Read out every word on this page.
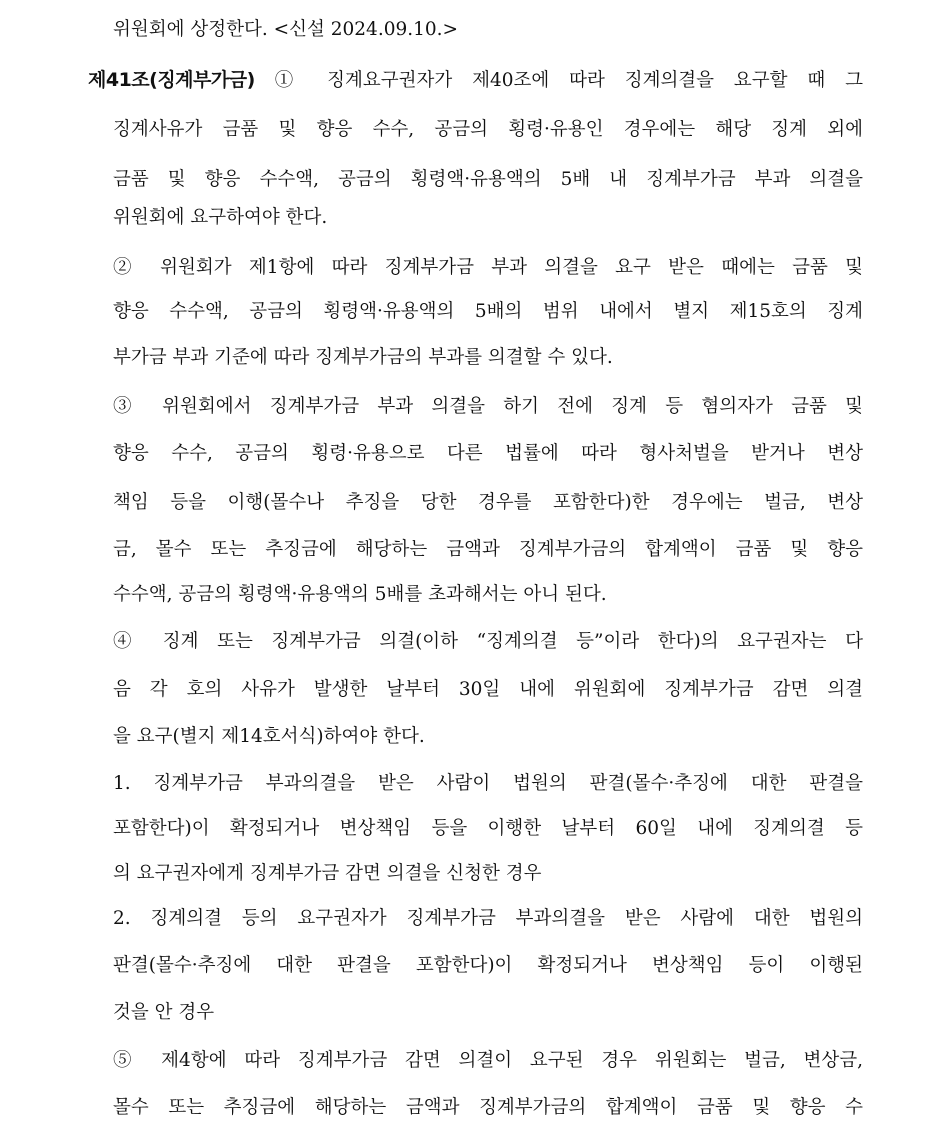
위원회에 상정한다. <신설 2024.09.10.>
제41조(징계부가금) ① 징계요구권자가 제40조에 따라 징계의결을 요구할 때 그
징계사유가 금품 및 향응 수수, 공금의 횡령·유용인 경우에는 해당 징계 외에
금품 및 향응 수수액, 공금의 횡령액·유용액의 5배 내 징계부가금 부과 의결을
위원회에 요구하여야 한다.
② 위원회가 제1항에 따라 징계부가금 부과 의결을 요구 받은 때에는 금품 및
향응 수수액, 공금의 횡령액·유용액의 5배의 범위 내에서 별지 제15호의 징계
부가금 부과 기준에 따라 징계부가금의 부과를 의결할 수 있다.
③ 위원회에서 징계부가금 부과 의결을 하기 전에 징계 등 혐의자가 금품 및
향응 수수, 공금의 횡령·유용으로 다른 법률에 따라 형사처벌을 받거나 변상
책임 등을 이행(몰수나 추징을 당한 경우를 포함한다)한 경우에는 벌금, 변상
금, 몰수 또는 추징금에 해당하는 금액과 징계부가금의 합계액이 금품 및 향응
수수액, 공금의 횡령액·유용액의 5배를 초과해서는 아니 된다.
④ 징계 또는 징계부가금 의결(이하 “징계의결 등”이라 한다)의 요구권자는 다
음 각 호의 사유가 발생한 날부터 30일 내에 위원회에 징계부가금 감면 의결
을 요구(별지 제14호서식)하여야 한다.
1. 징계부가금 부과의결을 받은 사람이 법원의 판결(몰수·추징에 대한 판결을
포함한다)이 확정되거나 변상책임 등을 이행한 날부터 60일 내에 징계의결 등
의 요구권자에게 징계부가금 감면 의결을 신청한 경우
2. 징계의결 등의 요구권자가 징계부가금 부과의결을 받은 사람에 대한 법원의
판결(몰수·추징에 대한 판결을 포함한다)이 확정되거나 변상책임 등이 이행된
것을 안 경우
⑤ 제4항에 따라 징계부가금 감면 의결이 요구된 경우 위원회는 벌금, 변상금,
몰수 또는 추징금에 해당하는 금액과 징계부가금의 합계액이 금품 및 향응 수
